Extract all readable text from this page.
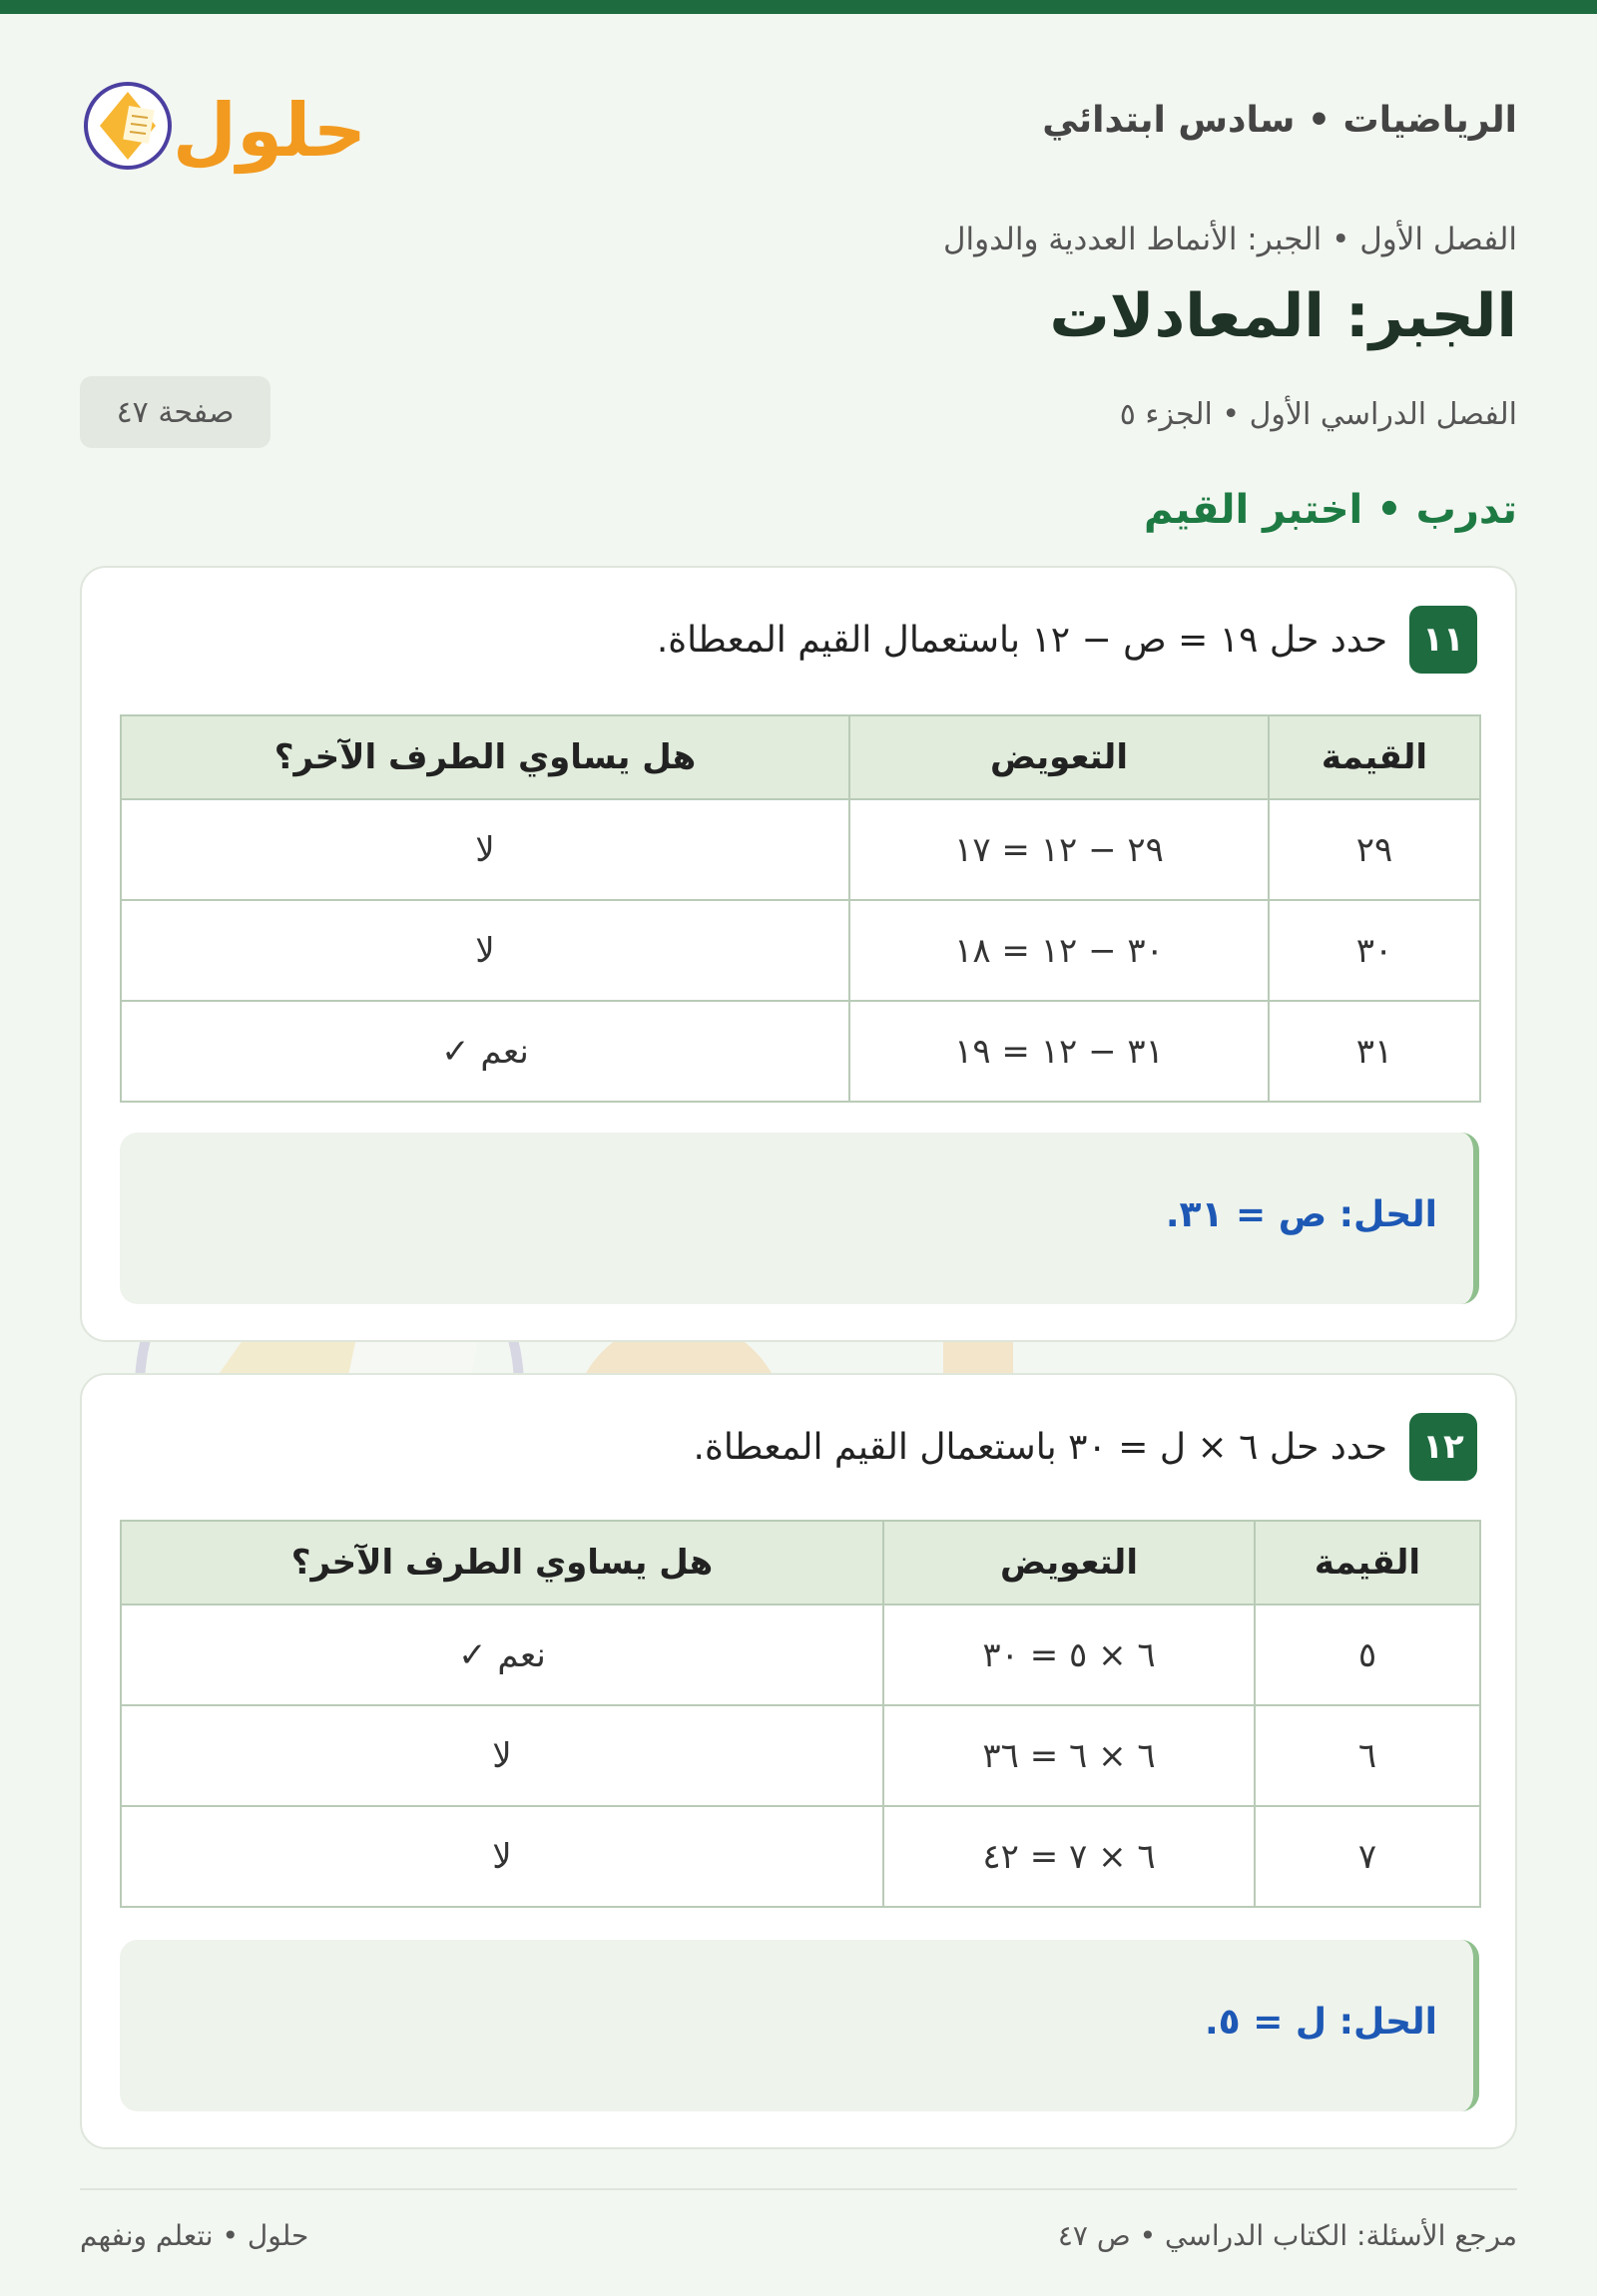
الرياضيات • سادس ابتدائي
حلول
الفصل الأول • الجبر: الأنماط العددية والدوال
الجبر: المعادلات
الفصل الدراسي الأول • الجزء ٥
صفحة ٤٧
تدرب • اختبر القيم
١١
حدد حل ١٩ = ص − ١٢ باستعمال القيم المعطاة.
القيمة	التعويض	هل يساوي الطرف الآخر؟
٢٩	٢٩ − ١٢ = ١٧	لا
٣٠	٣٠ − ١٢ = ١٨	لا
٣١	٣١ − ١٢ = ١٩	نعم ✓
الحل: ص = ٣١.
١٢
حدد حل ٦ × ل = ٣٠ باستعمال القيم المعطاة.
القيمة	التعويض	هل يساوي الطرف الآخر؟
٥	٦ × ٥ = ٣٠	نعم ✓
٦	٦ × ٦ = ٣٦	لا
٧	٦ × ٧ = ٤٢	لا
الحل: ل = ٥.
مرجع الأسئلة: الكتاب الدراسي • ص ٤٧
حلول • نتعلم ونفهم
